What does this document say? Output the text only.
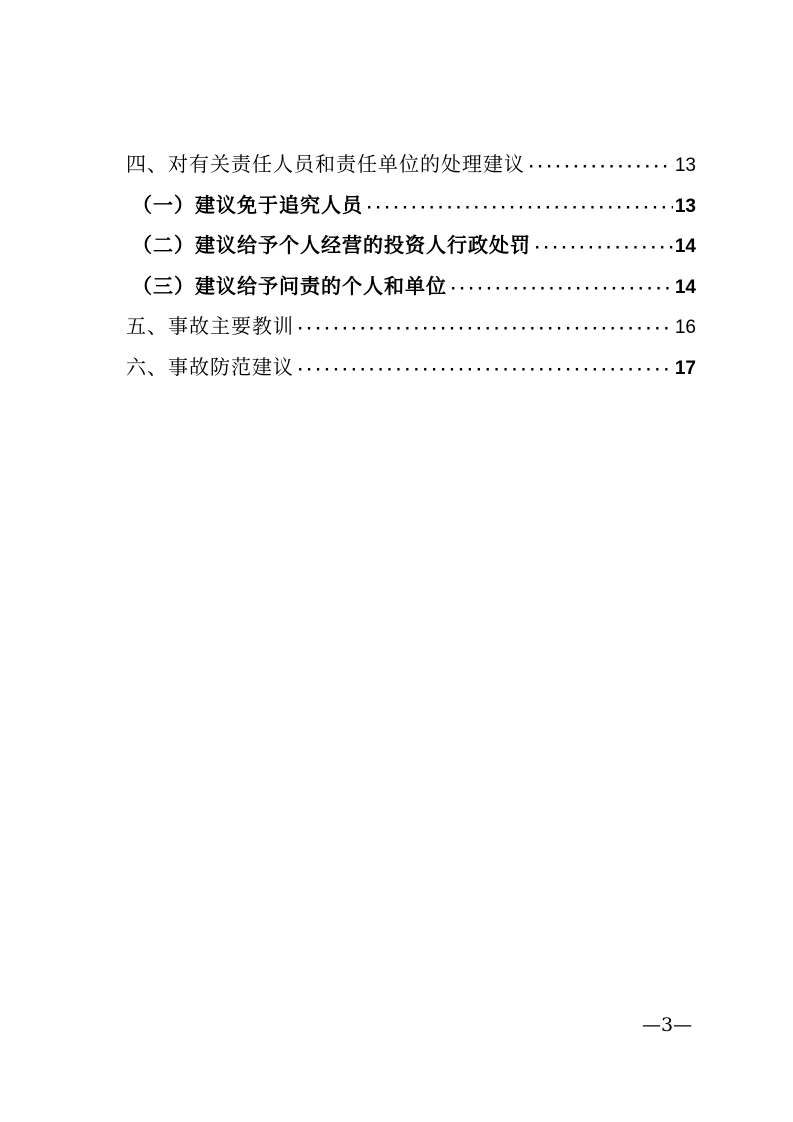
四、对有关责任人员和责任单位的处理建议 ·····	13
（一）建议免于追究人员 ·····	13
（二）建议给予个人经营的投资人行政处罚 ·····	14
（三）建议给予问责的个人和单位 ·····	14
五、事故主要教训 ·····	16
六、事故防范建议 ·····	17
—3—
